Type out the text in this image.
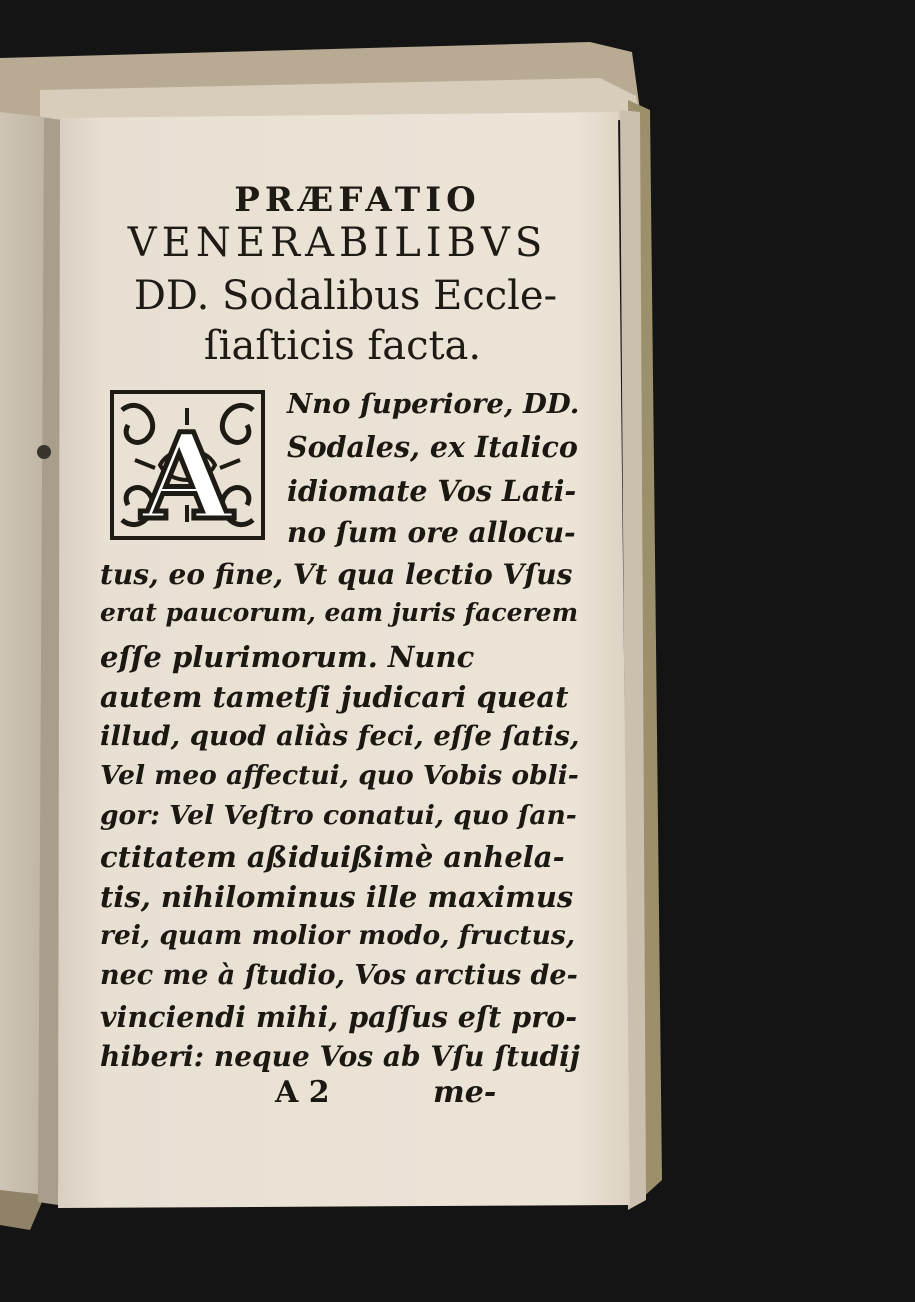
PRÆFATIO
VENERABILIBVS
DD. Sodalibus Eccle-
ſiaſticis facta.
A
Nno ſuperiore, DD.
Sodales, ex Italico
idiomate Vos Lati-
no ſum ore allocu-
tus, eo fine, Vt qua lectio Vſus
erat paucorum, eam juris facerem
eſſe plurimorum. Nunc
autem tametſi judicari queat
illud, quod aliàs feci, eſſe ſatis,
Vel meo affectui, quo Vobis obli-
gor: Vel Veſtro conatui, quo ſan-
ctitatem aßiduißimè anhela-
tis, nihilominus ille maximus
rei, quam molior modo, fructus,
nec me à ſtudio, Vos arctius de-
vinciendi mihi, paſſus eſt pro-
hiberi: neque Vos ab Vſu ſtudij
A 2	me-
